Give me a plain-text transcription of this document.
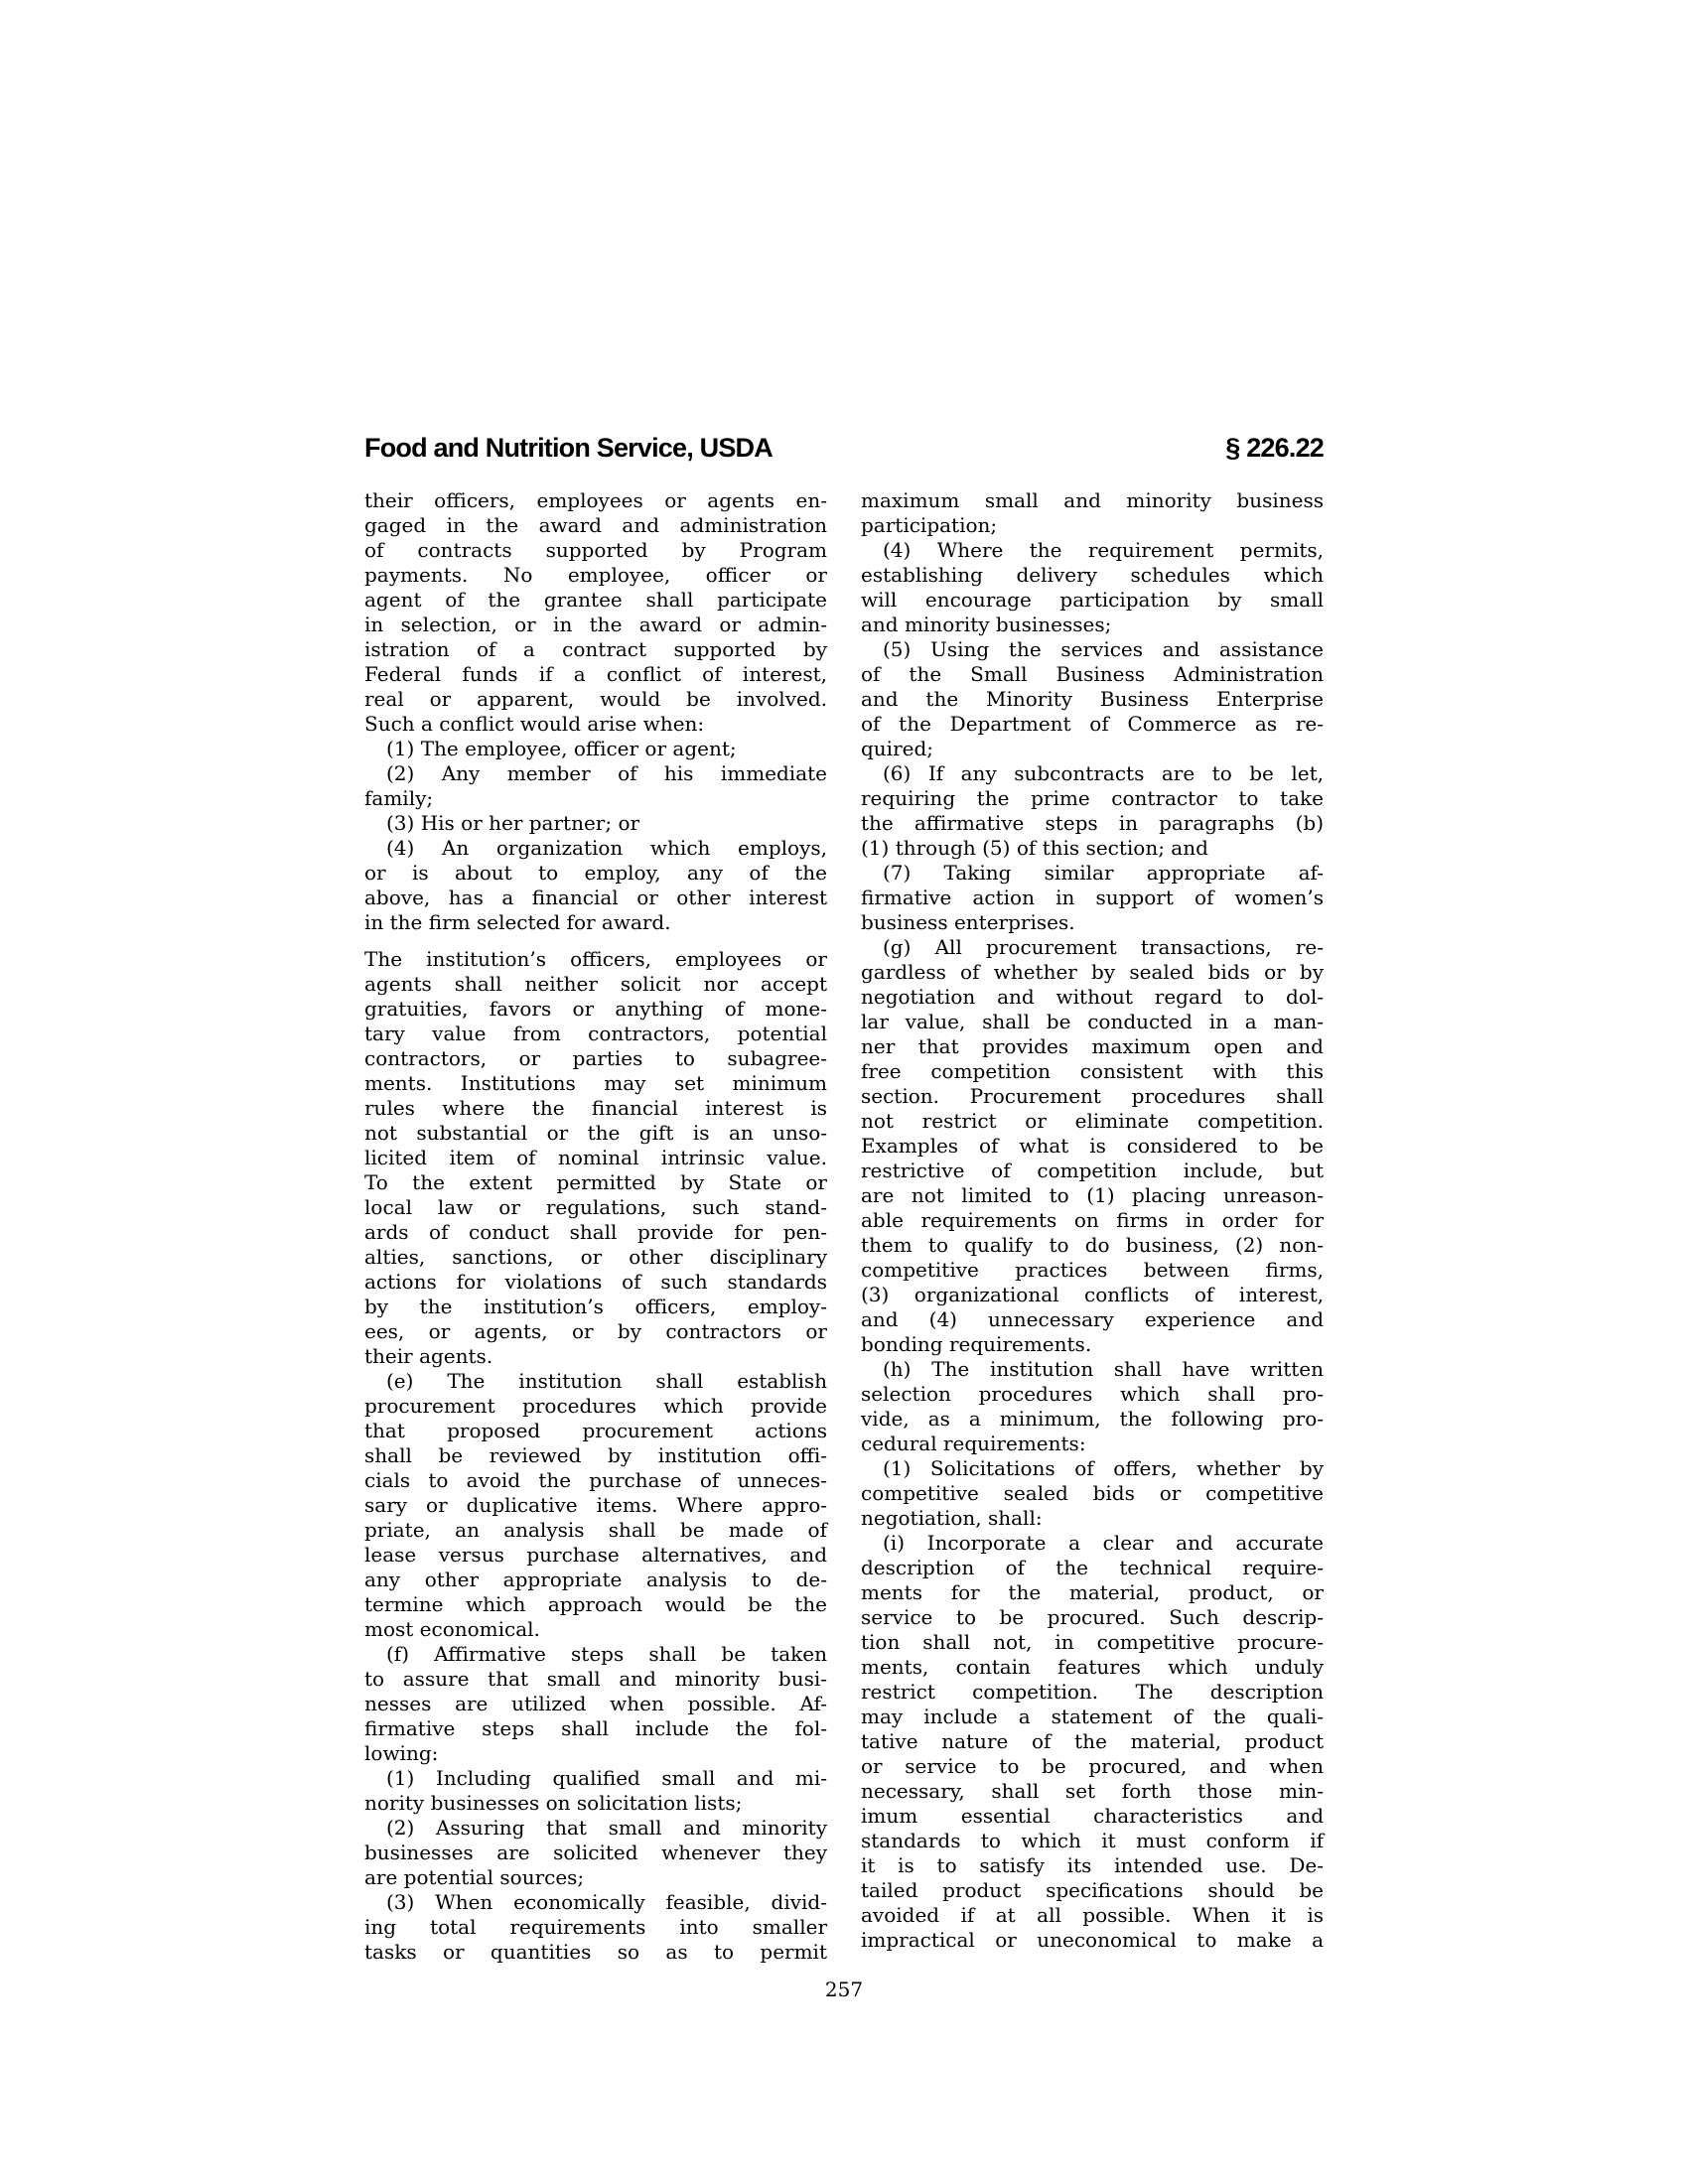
Food and Nutrition Service, USDA	§ 226.22
their officers, employees or agents en-
gaged in the award and administration
of contracts supported by Program
payments. No employee, officer or
agent of the grantee shall participate
in selection, or in the award or admin-
istration of a contract supported by
Federal funds if a conflict of interest,
real or apparent, would be involved.
Such a conflict would arise when:
(1) The employee, officer or agent;
(2) Any member of his immediate
family;
(3) His or her partner; or
(4) An organization which employs,
or is about to employ, any of the
above, has a financial or other interest
in the firm selected for award.
The institution’s officers, employees or
agents shall neither solicit nor accept
gratuities, favors or anything of mone-
tary value from contractors, potential
contractors, or parties to subagree-
ments. Institutions may set minimum
rules where the financial interest is
not substantial or the gift is an unso-
licited item of nominal intrinsic value.
To the extent permitted by State or
local law or regulations, such stand-
ards of conduct shall provide for pen-
alties, sanctions, or other disciplinary
actions for violations of such standards
by the institution’s officers, employ-
ees, or agents, or by contractors or
their agents.
(e) The institution shall establish
procurement procedures which provide
that proposed procurement actions
shall be reviewed by institution offi-
cials to avoid the purchase of unneces-
sary or duplicative items. Where appro-
priate, an analysis shall be made of
lease versus purchase alternatives, and
any other appropriate analysis to de-
termine which approach would be the
most economical.
(f) Affirmative steps shall be taken
to assure that small and minority busi-
nesses are utilized when possible. Af-
firmative steps shall include the fol-
lowing:
(1) Including qualified small and mi-
nority businesses on solicitation lists;
(2) Assuring that small and minority
businesses are solicited whenever they
are potential sources;
(3) When economically feasible, divid-
ing total requirements into smaller
tasks or quantities so as to permit
maximum small and minority business
participation;
(4) Where the requirement permits,
establishing delivery schedules which
will encourage participation by small
and minority businesses;
(5) Using the services and assistance
of the Small Business Administration
and the Minority Business Enterprise
of the Department of Commerce as re-
quired;
(6) If any subcontracts are to be let,
requiring the prime contractor to take
the affirmative steps in paragraphs (b)
(1) through (5) of this section; and
(7) Taking similar appropriate af-
firmative action in support of women’s
business enterprises.
(g) All procurement transactions, re-
gardless of whether by sealed bids or by
negotiation and without regard to dol-
lar value, shall be conducted in a man-
ner that provides maximum open and
free competition consistent with this
section. Procurement procedures shall
not restrict or eliminate competition.
Examples of what is considered to be
restrictive of competition include, but
are not limited to (1) placing unreason-
able requirements on firms in order for
them to qualify to do business, (2) non-
competitive practices between firms,
(3) organizational conflicts of interest,
and (4) unnecessary experience and
bonding requirements.
(h) The institution shall have written
selection procedures which shall pro-
vide, as a minimum, the following pro-
cedural requirements:
(1) Solicitations of offers, whether by
competitive sealed bids or competitive
negotiation, shall:
(i) Incorporate a clear and accurate
description of the technical require-
ments for the material, product, or
service to be procured. Such descrip-
tion shall not, in competitive procure-
ments, contain features which unduly
restrict competition. The description
may include a statement of the quali-
tative nature of the material, product
or service to be procured, and when
necessary, shall set forth those min-
imum essential characteristics and
standards to which it must conform if
it is to satisfy its intended use. De-
tailed product specifications should be
avoided if at all possible. When it is
impractical or uneconomical to make a
257
